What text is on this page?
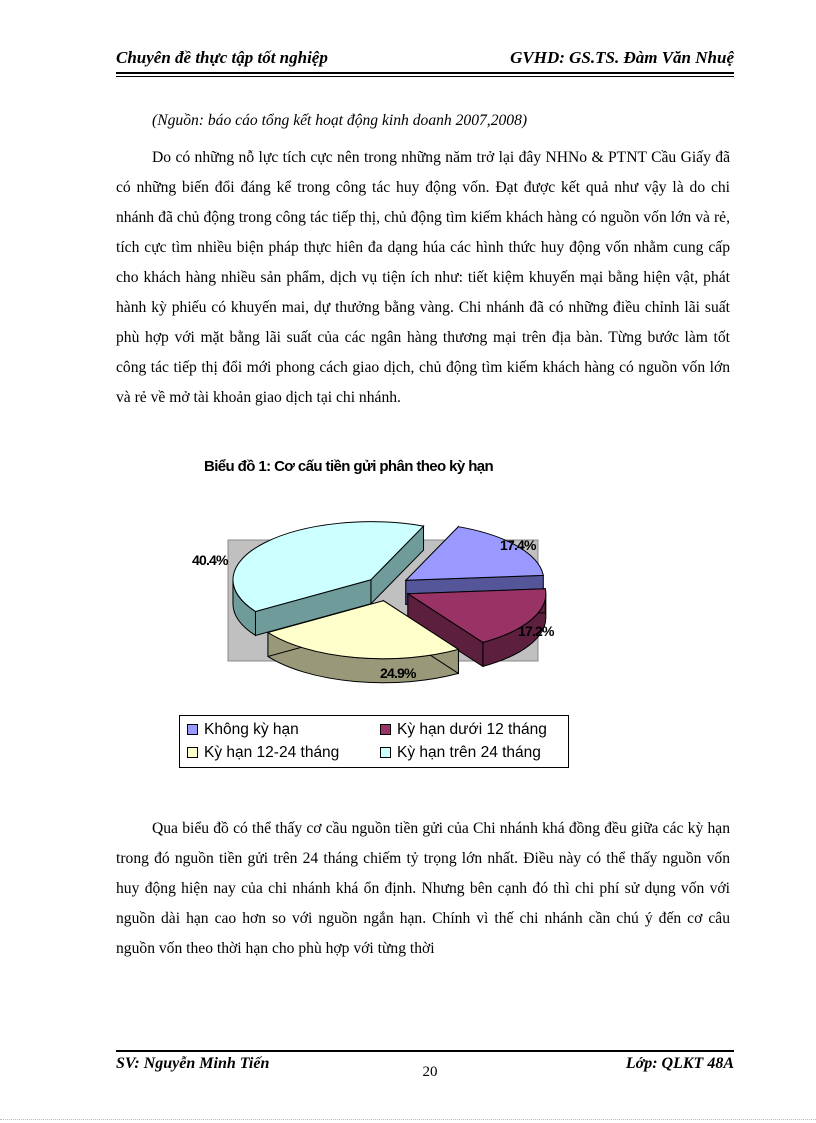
Chuyên đề thực tập tốt nghiệp	GVHD: GS.TS. Đàm Văn Nhuệ
(Nguồn: báo cáo tổng kết hoạt động kinh doanh 2007,2008)
Do có những nỗ lực tích cực nên trong những năm trở lại đây NHNo & PTNT Cầu Giấy đã có những biến đổi đáng kể trong công tác huy động vốn. Đạt được kết quả như vậy là do chi nhánh đã chủ động trong công tác tiếp thị, chủ động tìm kiếm khách hàng có nguồn vốn lớn và rẻ, tích cực tìm nhiều biện pháp thực hiên đa dạng húa các hình thức huy động vốn nhằm cung cấp cho khách hàng nhiều sản phẩm, dịch vụ tiện ích như: tiết kiệm khuyến mại bằng hiện vật, phát hành kỳ phiếu có khuyến mai, dự thưởng bằng vàng. Chi nhánh đã có những điều chỉnh lãi suất phù hợp với mặt bằng lãi suất của các ngân hàng thương mại trên địa bàn. Từng bước làm tốt công tác tiếp thị đổi mới phong cách giao dịch, chủ động tìm kiếm khách hàng có nguồn vốn lớn và rẻ về mở tài khoản giao dịch tại chi nhánh.
Biểu đồ 1: Cơ cấu tiền gửi phân theo kỳ hạn
17.4%
17.2%
24.9%
40.4%
Không kỳ hạn	Kỳ hạn dưới 12 tháng
Kỳ hạn 12-24 tháng	Kỳ hạn trên 24 tháng
Qua biểu đồ có thể thấy cơ cầu nguồn tiền gửi của Chi nhánh khá đồng đều giữa các kỳ hạn trong đó nguồn tiền gửi trên 24 tháng chiếm tỷ trọng lớn nhất. Điều này có thể thấy nguồn vốn huy động hiện nay của chi nhánh khá ổn định. Nhưng bên cạnh đó thì chi phí sử dụng vốn với nguồn dài hạn cao hơn so với nguồn ngắn hạn. Chính vì thế chi nhánh cần chú ý đến cơ câu nguồn vốn theo thời hạn cho phù hợp với từng thời
SV: Nguyễn Minh Tiến	20	Lớp: QLKT 48A
